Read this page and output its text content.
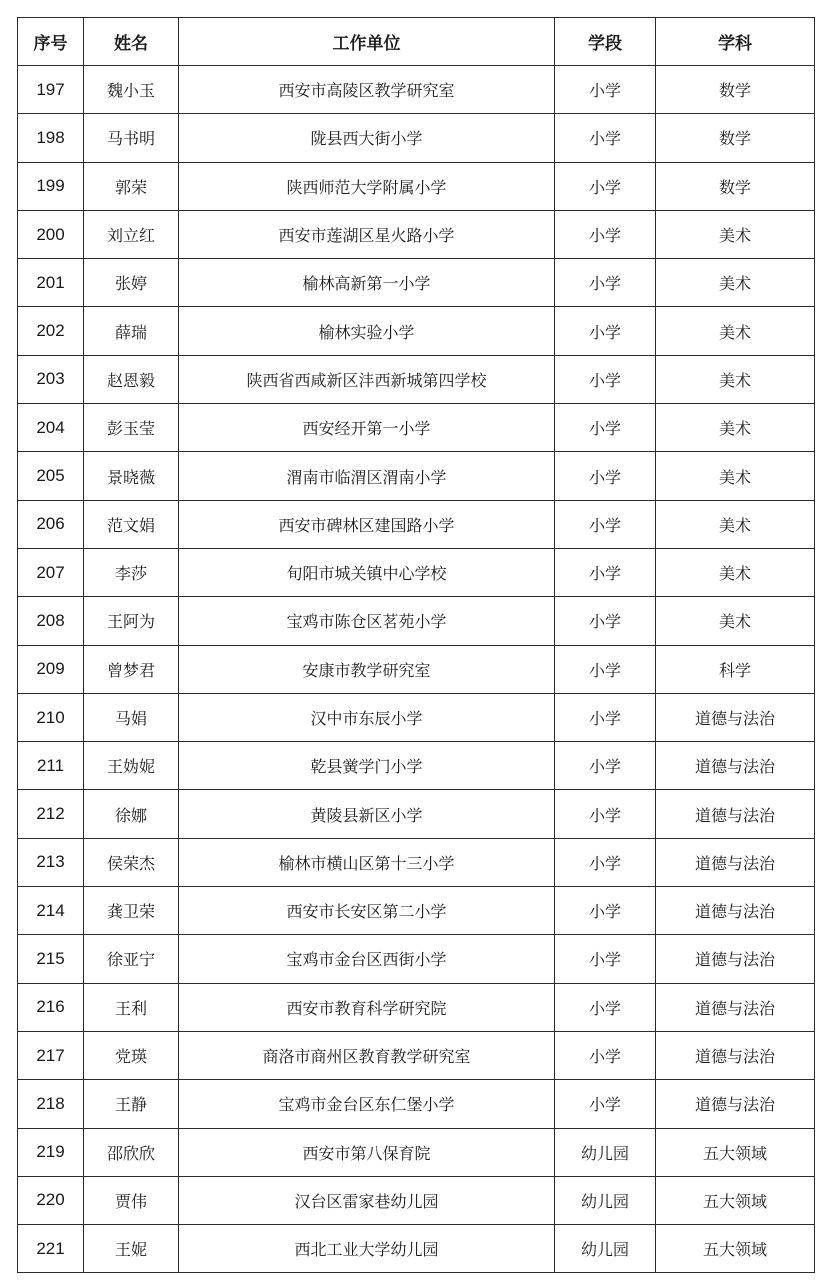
序号	姓名	工作单位	学段	学科
197	魏小玉	西安市高陵区教学研究室	小学	数学
198	马书明	陇县西大街小学	小学	数学
199	郭荣	陕西师范大学附属小学	小学	数学
200	刘立红	西安市莲湖区星火路小学	小学	美术
201	张婷	榆林高新第一小学	小学	美术
202	薛瑞	榆林实验小学	小学	美术
203	赵恩毅	陕西省西咸新区沣西新城第四学校	小学	美术
204	彭玉莹	西安经开第一小学	小学	美术
205	景晓薇	渭南市临渭区渭南小学	小学	美术
206	范文娟	西安市碑林区建国路小学	小学	美术
207	李莎	旬阳市城关镇中心学校	小学	美术
208	王阿为	宝鸡市陈仓区茗苑小学	小学	美术
209	曾梦君	安康市教学研究室	小学	科学
210	马娟	汉中市东辰小学	小学	道德与法治
211	王妫妮	乾县黉学门小学	小学	道德与法治
212	徐娜	黄陵县新区小学	小学	道德与法治
213	侯荣杰	榆林市横山区第十三小学	小学	道德与法治
214	龚卫荣	西安市长安区第二小学	小学	道德与法治
215	徐亚宁	宝鸡市金台区西街小学	小学	道德与法治
216	王利	西安市教育科学研究院	小学	道德与法治
217	党瑛	商洛市商州区教育教学研究室	小学	道德与法治
218	王静	宝鸡市金台区东仁堡小学	小学	道德与法治
219	邵欣欣	西安市第八保育院	幼儿园	五大领域
220	贾伟	汉台区雷家巷幼儿园	幼儿园	五大领域
221	王妮	西北工业大学幼儿园	幼儿园	五大领域
